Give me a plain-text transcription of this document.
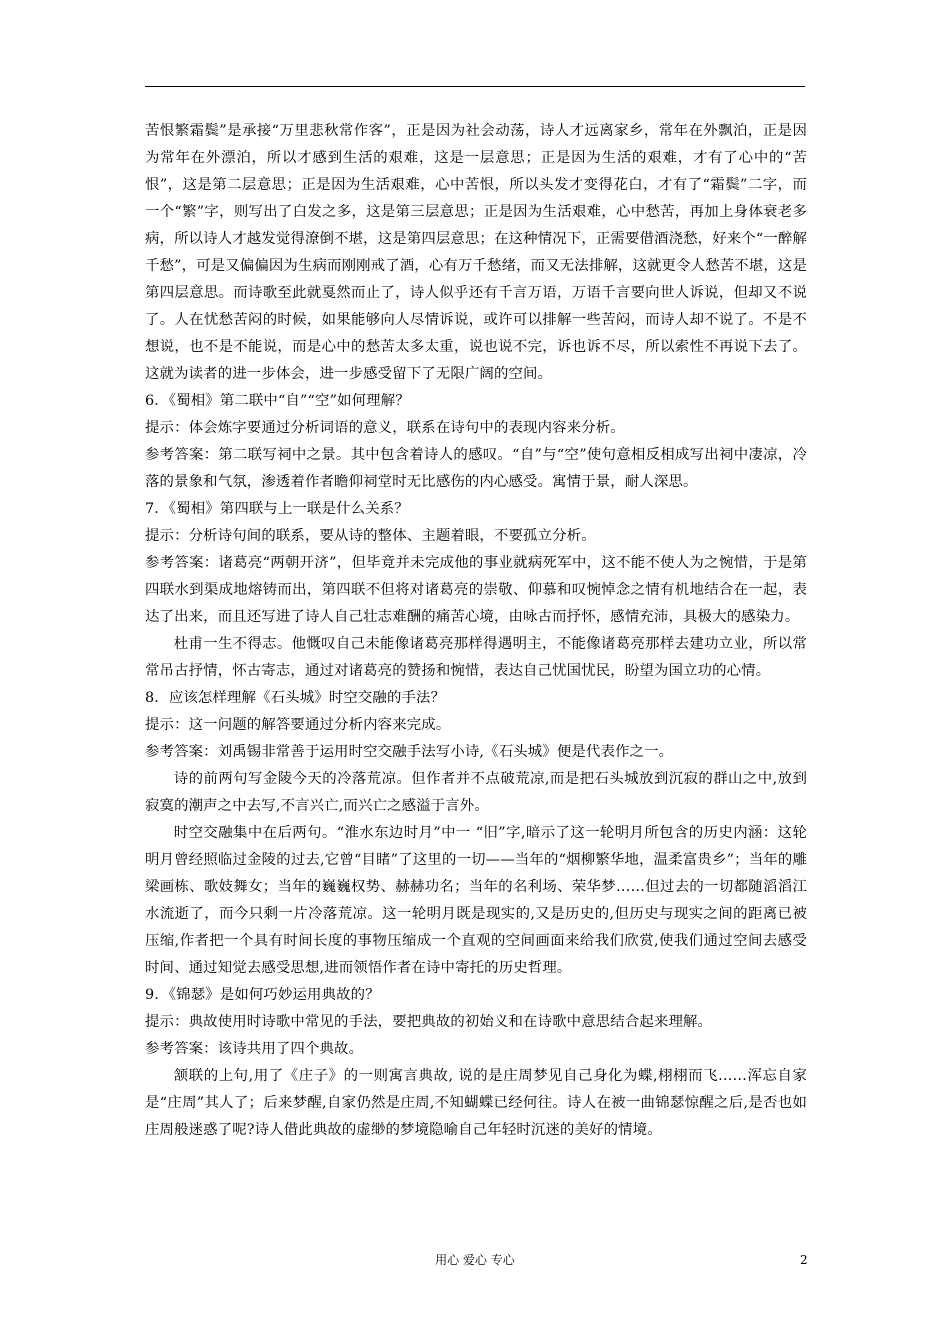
苦恨繁霜鬓”是承接“万里悲秋常作客”，正是因为社会动荡，诗人才远离家乡，常年在外飘泊，正是因为常年在外漂泊，所以才感到生活的艰难，这是一层意思；正是因为生活的艰难，才有了心中的“苦恨”，这是第二层意思；正是因为生活艰难，心中苦恨，所以头发才变得花白，才有了“霜鬓”二字，而一个“繁”字，则写出了白发之多，这是第三层意思；正是因为生活艰难，心中愁苦，再加上身体衰老多病，所以诗人才越发觉得潦倒不堪，这是第四层意思；在这种情况下，正需要借酒浇愁，好来个“一醉解千愁”，可是又偏偏因为生病而刚刚戒了酒，心有万千愁绪，而又无法排解，这就更令人愁苦不堪，这是第四层意思。而诗歌至此就戛然而止了，诗人似乎还有千言万语，万语千言要向世人诉说，但却又不说了。人在忧愁苦闷的时候，如果能够向人尽情诉说，或许可以排解一些苦闷，而诗人却不说了。不是不想说，也不是不能说，而是心中的愁苦太多太重，说也说不完，诉也诉不尽，所以索性不再说下去了。这就为读者的进一步体会，进一步感受留下了无限广阔的空间。

6．《蜀相》第二联中“自”“空”如何理解？

提示：体会炼字要通过分析词语的意义，联系在诗句中的表现内容来分析。

参考答案：第二联写祠中之景。其中包含着诗人的感叹。“自”与“空”使句意相反相成写出祠中凄凉，冷落的景象和气氛，渗透着作者瞻仰祠堂时无比感伤的内心感受。寓情于景，耐人深思。

7．《蜀相》第四联与上一联是什么关系？

提示：分析诗句间的联系，要从诗的整体、主题着眼，不要孤立分析。

参考答案：诸葛亮“两朝开济”，但毕竟并未完成他的事业就病死军中，这不能不使人为之惋惜，于是第四联水到渠成地熔铸而出，第四联不但将对诸葛亮的崇敬、仰慕和叹惋悼念之情有机地结合在一起，表达了出来，而且还写进了诗人自己壮志难酬的痛苦心境，由咏古而抒怀，感情充沛，具极大的感染力。

杜甫一生不得志。他慨叹自己未能像诸葛亮那样得遇明主，不能像诸葛亮那样去建功立业，所以常常吊古抒情，怀古寄志，通过对诸葛亮的赞扬和惋惜，表达自己忧国忧民，盼望为国立功的心情。

8．应该怎样理解《石头城》时空交融的手法？

提示：这一问题的解答要通过分析内容来完成。

参考答案：刘禹锡非常善于运用时空交融手法写小诗,《石头城》便是代表作之一。

诗的前两句写金陵今天的冷落荒凉。但作者并不点破荒凉,而是把石头城放到沉寂的群山之中,放到寂寞的潮声之中去写,不言兴亡,而兴亡之感溢于言外。

时空交融集中在后两句。“淮水东边时月”中一 “旧”字,暗示了这一轮明月所包含的历史内涵：这轮明月曾经照临过金陵的过去,它曾“目睹”了这里的一切——当年的“烟柳繁华地，温柔富贵乡”；当年的雕梁画栋、歌妓舞女；当年的巍巍权势、赫赫功名；当年的名利场、荣华梦……但过去的一切都随滔滔江水流逝了，而今只剩一片冷落荒凉。这一轮明月既是现实的,又是历史的,但历史与现实之间的距离已被压缩,作者把一个具有时间长度的事物压缩成一个直观的空间画面来给我们欣赏,使我们通过空间去感受时间、通过知觉去感受思想,进而领悟作者在诗中寄托的历史哲理。

9．《锦瑟》是如何巧妙运用典故的？

提示：典故使用时诗歌中常见的手法，要把典故的初始义和在诗歌中意思结合起来理解。

参考答案：该诗共用了四个典故。

颔联的上句,用了《庄子》的一则寓言典故, 说的是庄周梦见自己身化为蝶,栩栩而飞……浑忘自家是“庄周”其人了；后来梦醒,自家仍然是庄周,不知蝴蝶已经何往。诗人在被一曲锦瑟惊醒之后,是否也如庄周般迷惑了呢?诗人借此典故的虚缈的梦境隐喻自己年轻时沉迷的美好的情境。

用心 爱心 专心	2
